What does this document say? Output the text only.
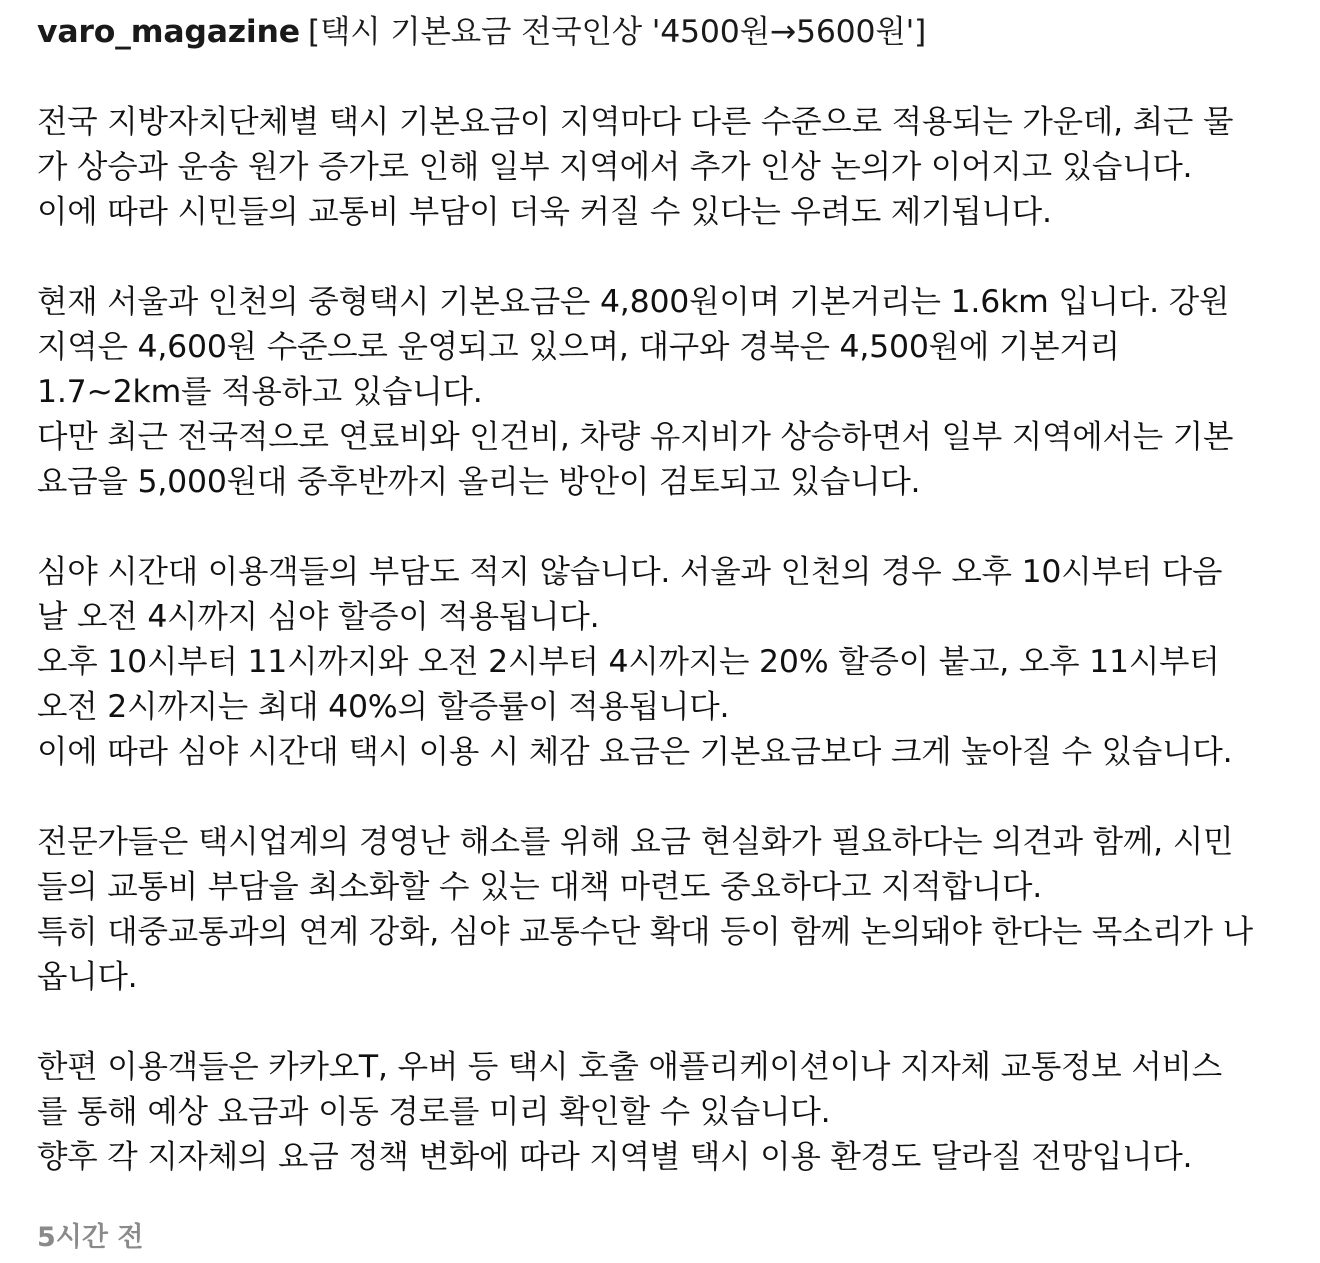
varo_magazine [택시 기본요금 전국인상 '4500원→5600원']
전국 지방자치단체별 택시 기본요금이 지역마다 다른 수준으로 적용되는 가운데, 최근 물
가 상승과 운송 원가 증가로 인해 일부 지역에서 추가 인상 논의가 이어지고 있습니다.
이에 따라 시민들의 교통비 부담이 더욱 커질 수 있다는 우려도 제기됩니다.
현재 서울과 인천의 중형택시 기본요금은 4,800원이며 기본거리는 1.6km 입니다. 강원
지역은 4,600원 수준으로 운영되고 있으며, 대구와 경북은 4,500원에 기본거리
1.7~2km를 적용하고 있습니다.
다만 최근 전국적으로 연료비와 인건비, 차량 유지비가 상승하면서 일부 지역에서는 기본
요금을 5,000원대 중후반까지 올리는 방안이 검토되고 있습니다.
심야 시간대 이용객들의 부담도 적지 않습니다. 서울과 인천의 경우 오후 10시부터 다음
날 오전 4시까지 심야 할증이 적용됩니다.
오후 10시부터 11시까지와 오전 2시부터 4시까지는 20% 할증이 붙고, 오후 11시부터
오전 2시까지는 최대 40%의 할증률이 적용됩니다.
이에 따라 심야 시간대 택시 이용 시 체감 요금은 기본요금보다 크게 높아질 수 있습니다.
전문가들은 택시업계의 경영난 해소를 위해 요금 현실화가 필요하다는 의견과 함께, 시민
들의 교통비 부담을 최소화할 수 있는 대책 마련도 중요하다고 지적합니다.
특히 대중교통과의 연계 강화, 심야 교통수단 확대 등이 함께 논의돼야 한다는 목소리가 나
옵니다.
한편 이용객들은 카카오T, 우버 등 택시 호출 애플리케이션이나 지자체 교통정보 서비스
를 통해 예상 요금과 이동 경로를 미리 확인할 수 있습니다.
향후 각 지자체의 요금 정책 변화에 따라 지역별 택시 이용 환경도 달라질 전망입니다.
5시간 전
